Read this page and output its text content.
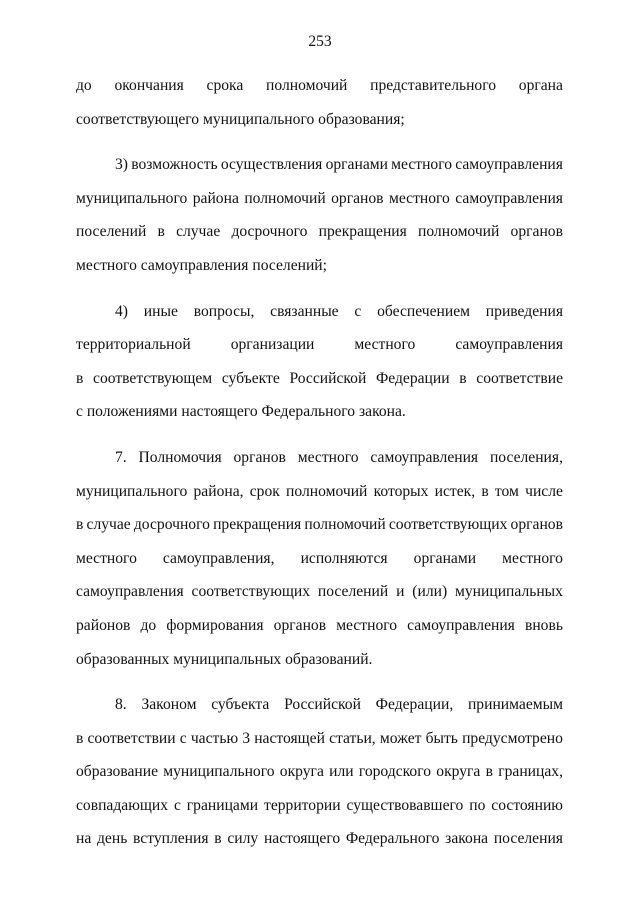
253
до окончания срока полномочий представительного органа
соответствующего муниципального образования;
3) возможность осуществления органами местного самоуправления
муниципального района полномочий органов местного самоуправления
поселений в случае досрочного прекращения полномочий органов
местного самоуправления поселений;
4) иные вопросы, связанные с обеспечением приведения
территориальной	организации	местного	самоуправления
в соответствующем субъекте Российской Федерации в соответствие
с положениями настоящего Федерального закона.
7. Полномочия органов местного самоуправления поселения,
муниципального района, срок полномочий которых истек, в том числе
в случае досрочного прекращения полномочий соответствующих органов
местного самоуправления, исполняются органами местного
самоуправления соответствующих поселений и (или) муниципальных
районов до формирования органов местного самоуправления вновь
образованных муниципальных образований.
8. Законом субъекта Российской Федерации, принимаемым
в соответствии с частью 3 настоящей статьи, может быть предусмотрено
образование муниципального округа или городского округа в границах,
совпадающих с границами территории существовавшего по состоянию
на день вступления в силу настоящего Федерального закона поселения
